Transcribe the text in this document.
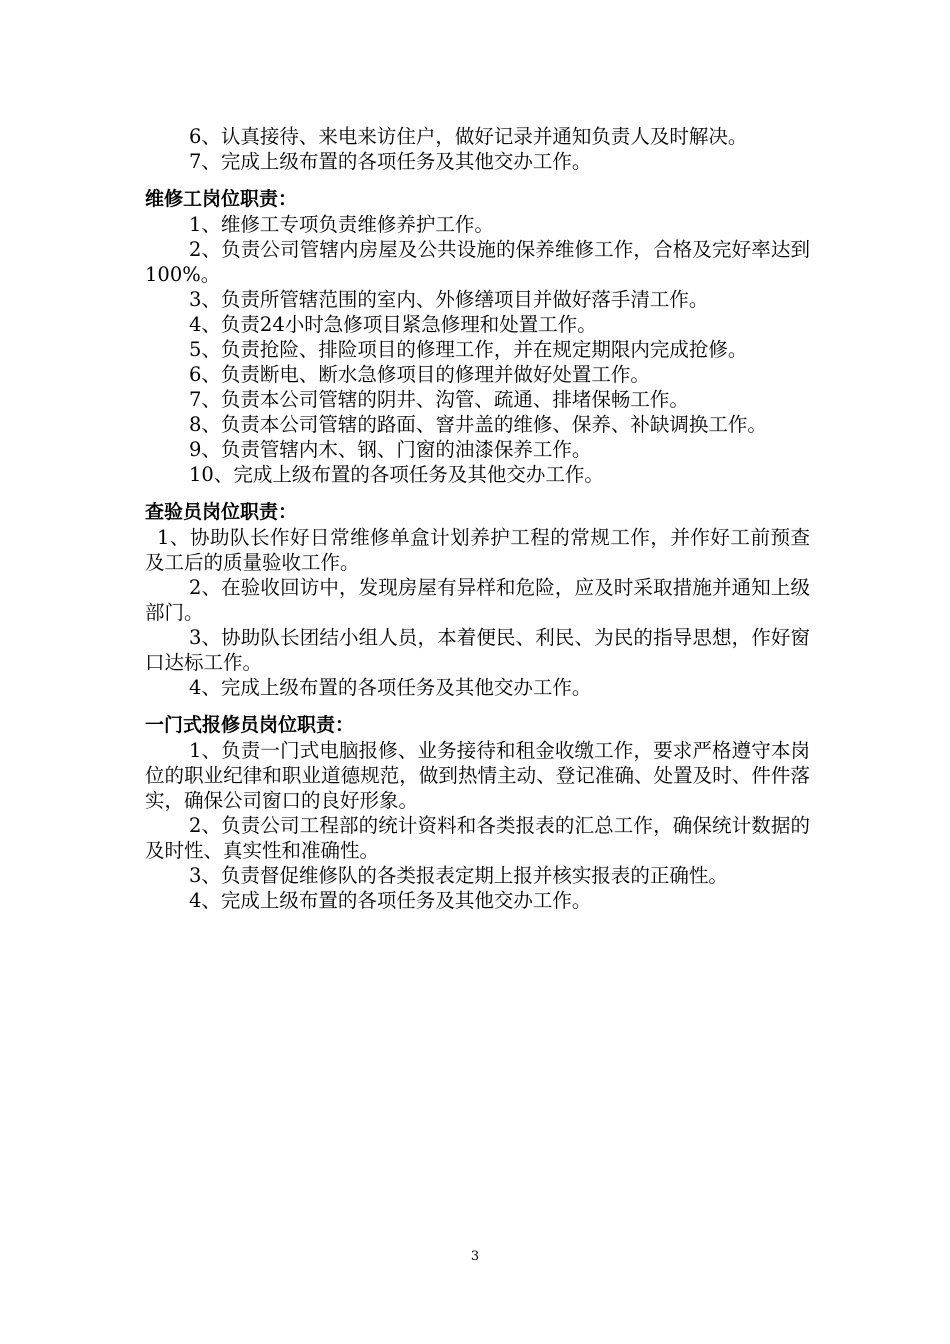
6、认真接待、来电来访住户，做好记录并通知负责人及时解决。

7、完成上级布置的各项任务及其他交办工作。

维修工岗位职责：

1、维修工专项负责维修养护工作。

2、负责公司管辖内房屋及公共设施的保养维修工作，合格及完好率达到100%。

3、负责所管辖范围的室内、外修缮项目并做好落手清工作。

4、负责24小时急修项目紧急修理和处置工作。

5、负责抢险、排险项目的修理工作，并在规定期限内完成抢修。

6、负责断电、断水急修项目的修理并做好处置工作。

7、负责本公司管辖的阴井、沟管、疏通、排堵保畅工作。

8、负责本公司管辖的路面、窨井盖的维修、保养、补缺调换工作。

9、负责管辖内木、钢、门窗的油漆保养工作。

10、完成上级布置的各项任务及其他交办工作。

查验员岗位职责：

1、协助队长作好日常维修单盒计划养护工程的常规工作，并作好工前预查及工后的质量验收工作。

2、在验收回访中，发现房屋有异样和危险，应及时采取措施并通知上级部门。

3、协助队长团结小组人员，本着便民、利民、为民的指导思想，作好窗口达标工作。

4、完成上级布置的各项任务及其他交办工作。

一门式报修员岗位职责：

1、负责一门式电脑报修、业务接待和租金收缴工作，要求严格遵守本岗位的职业纪律和职业道德规范，做到热情主动、登记准确、处置及时、件件落实，确保公司窗口的良好形象。

2、负责公司工程部的统计资料和各类报表的汇总工作，确保统计数据的及时性、真实性和准确性。

3、负责督促维修队的各类报表定期上报并核实报表的正确性。

4、完成上级布置的各项任务及其他交办工作。

3
